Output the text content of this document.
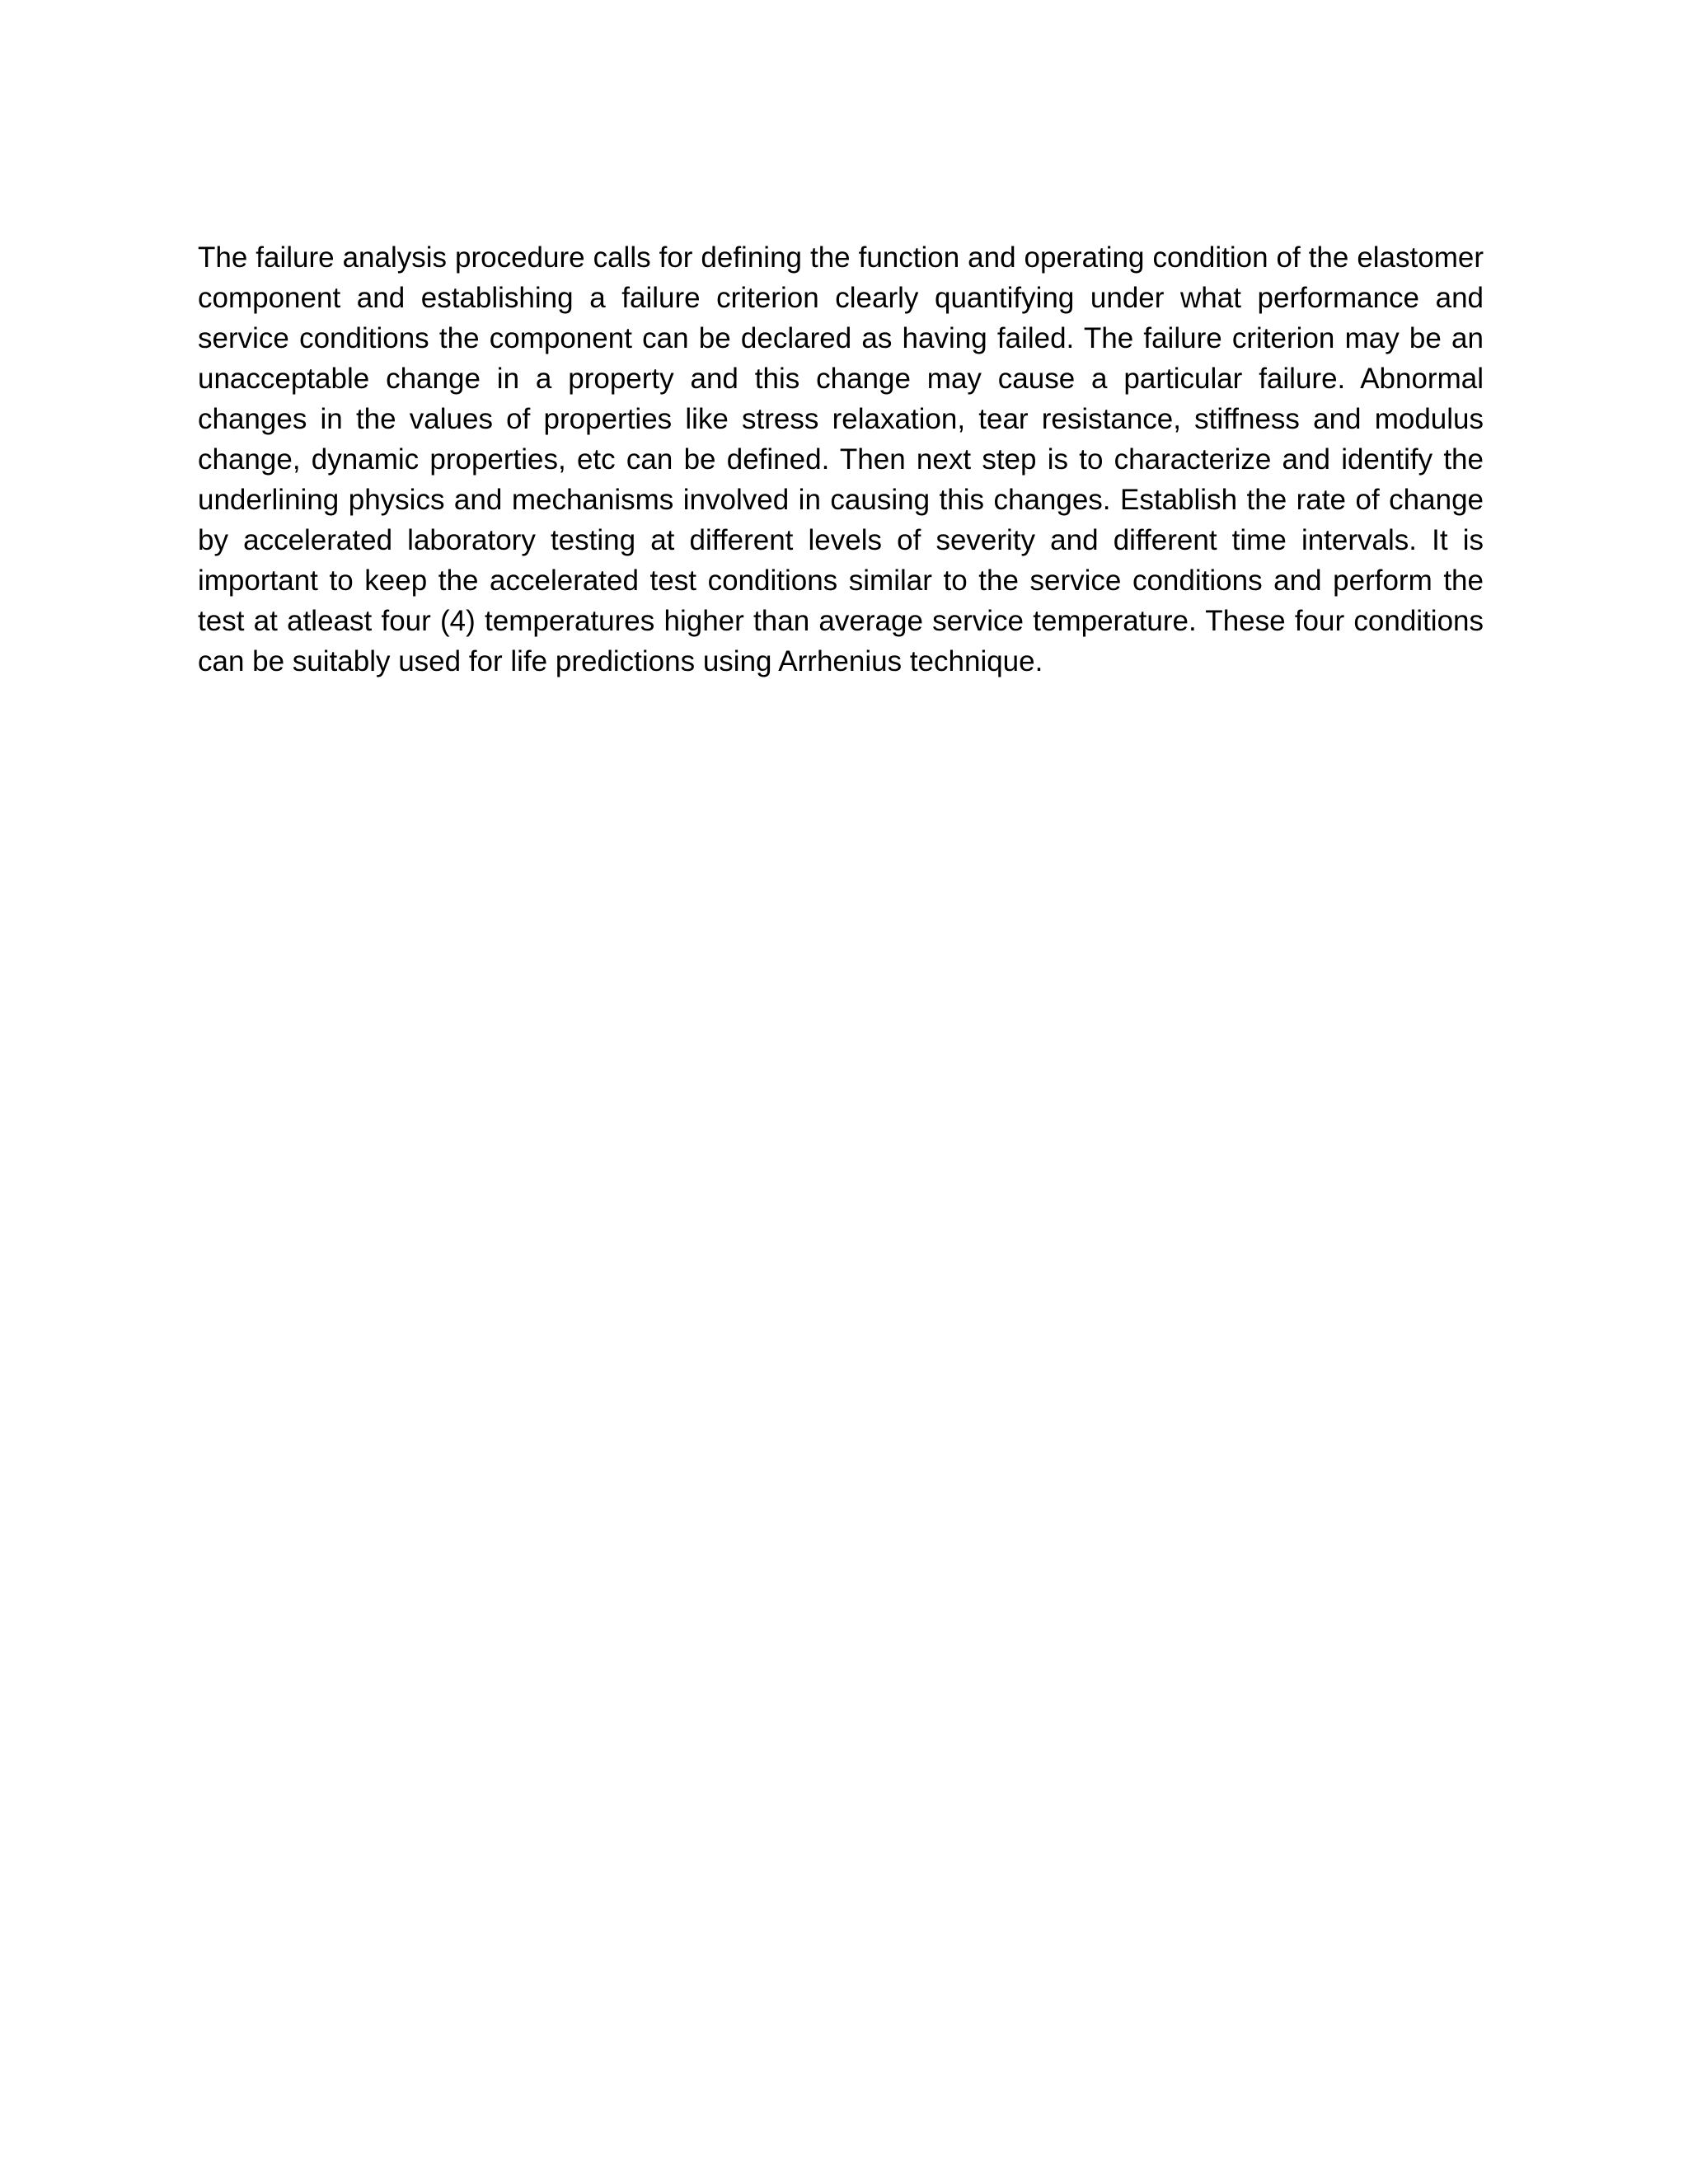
The failure analysis procedure calls for defining the function and operating condition of the elastomer component and establishing a failure criterion clearly quantifying under what performance and service conditions the component can be declared as having failed. The failure criterion may be an unacceptable change in a property and this change may cause a particular failure. Abnormal changes in the values of properties like stress relaxation, tear resistance, stiffness and modulus change, dynamic properties, etc can be defined. Then next step is to characterize and identify the underlining physics and mechanisms involved in causing this changes. Establish the rate of change by accelerated laboratory testing at different levels of severity and different time intervals. It is important to keep the accelerated test conditions similar to the service conditions and perform the test at atleast four (4) temperatures higher than average service temperature. These four conditions can be suitably used for life predictions using Arrhenius technique.
